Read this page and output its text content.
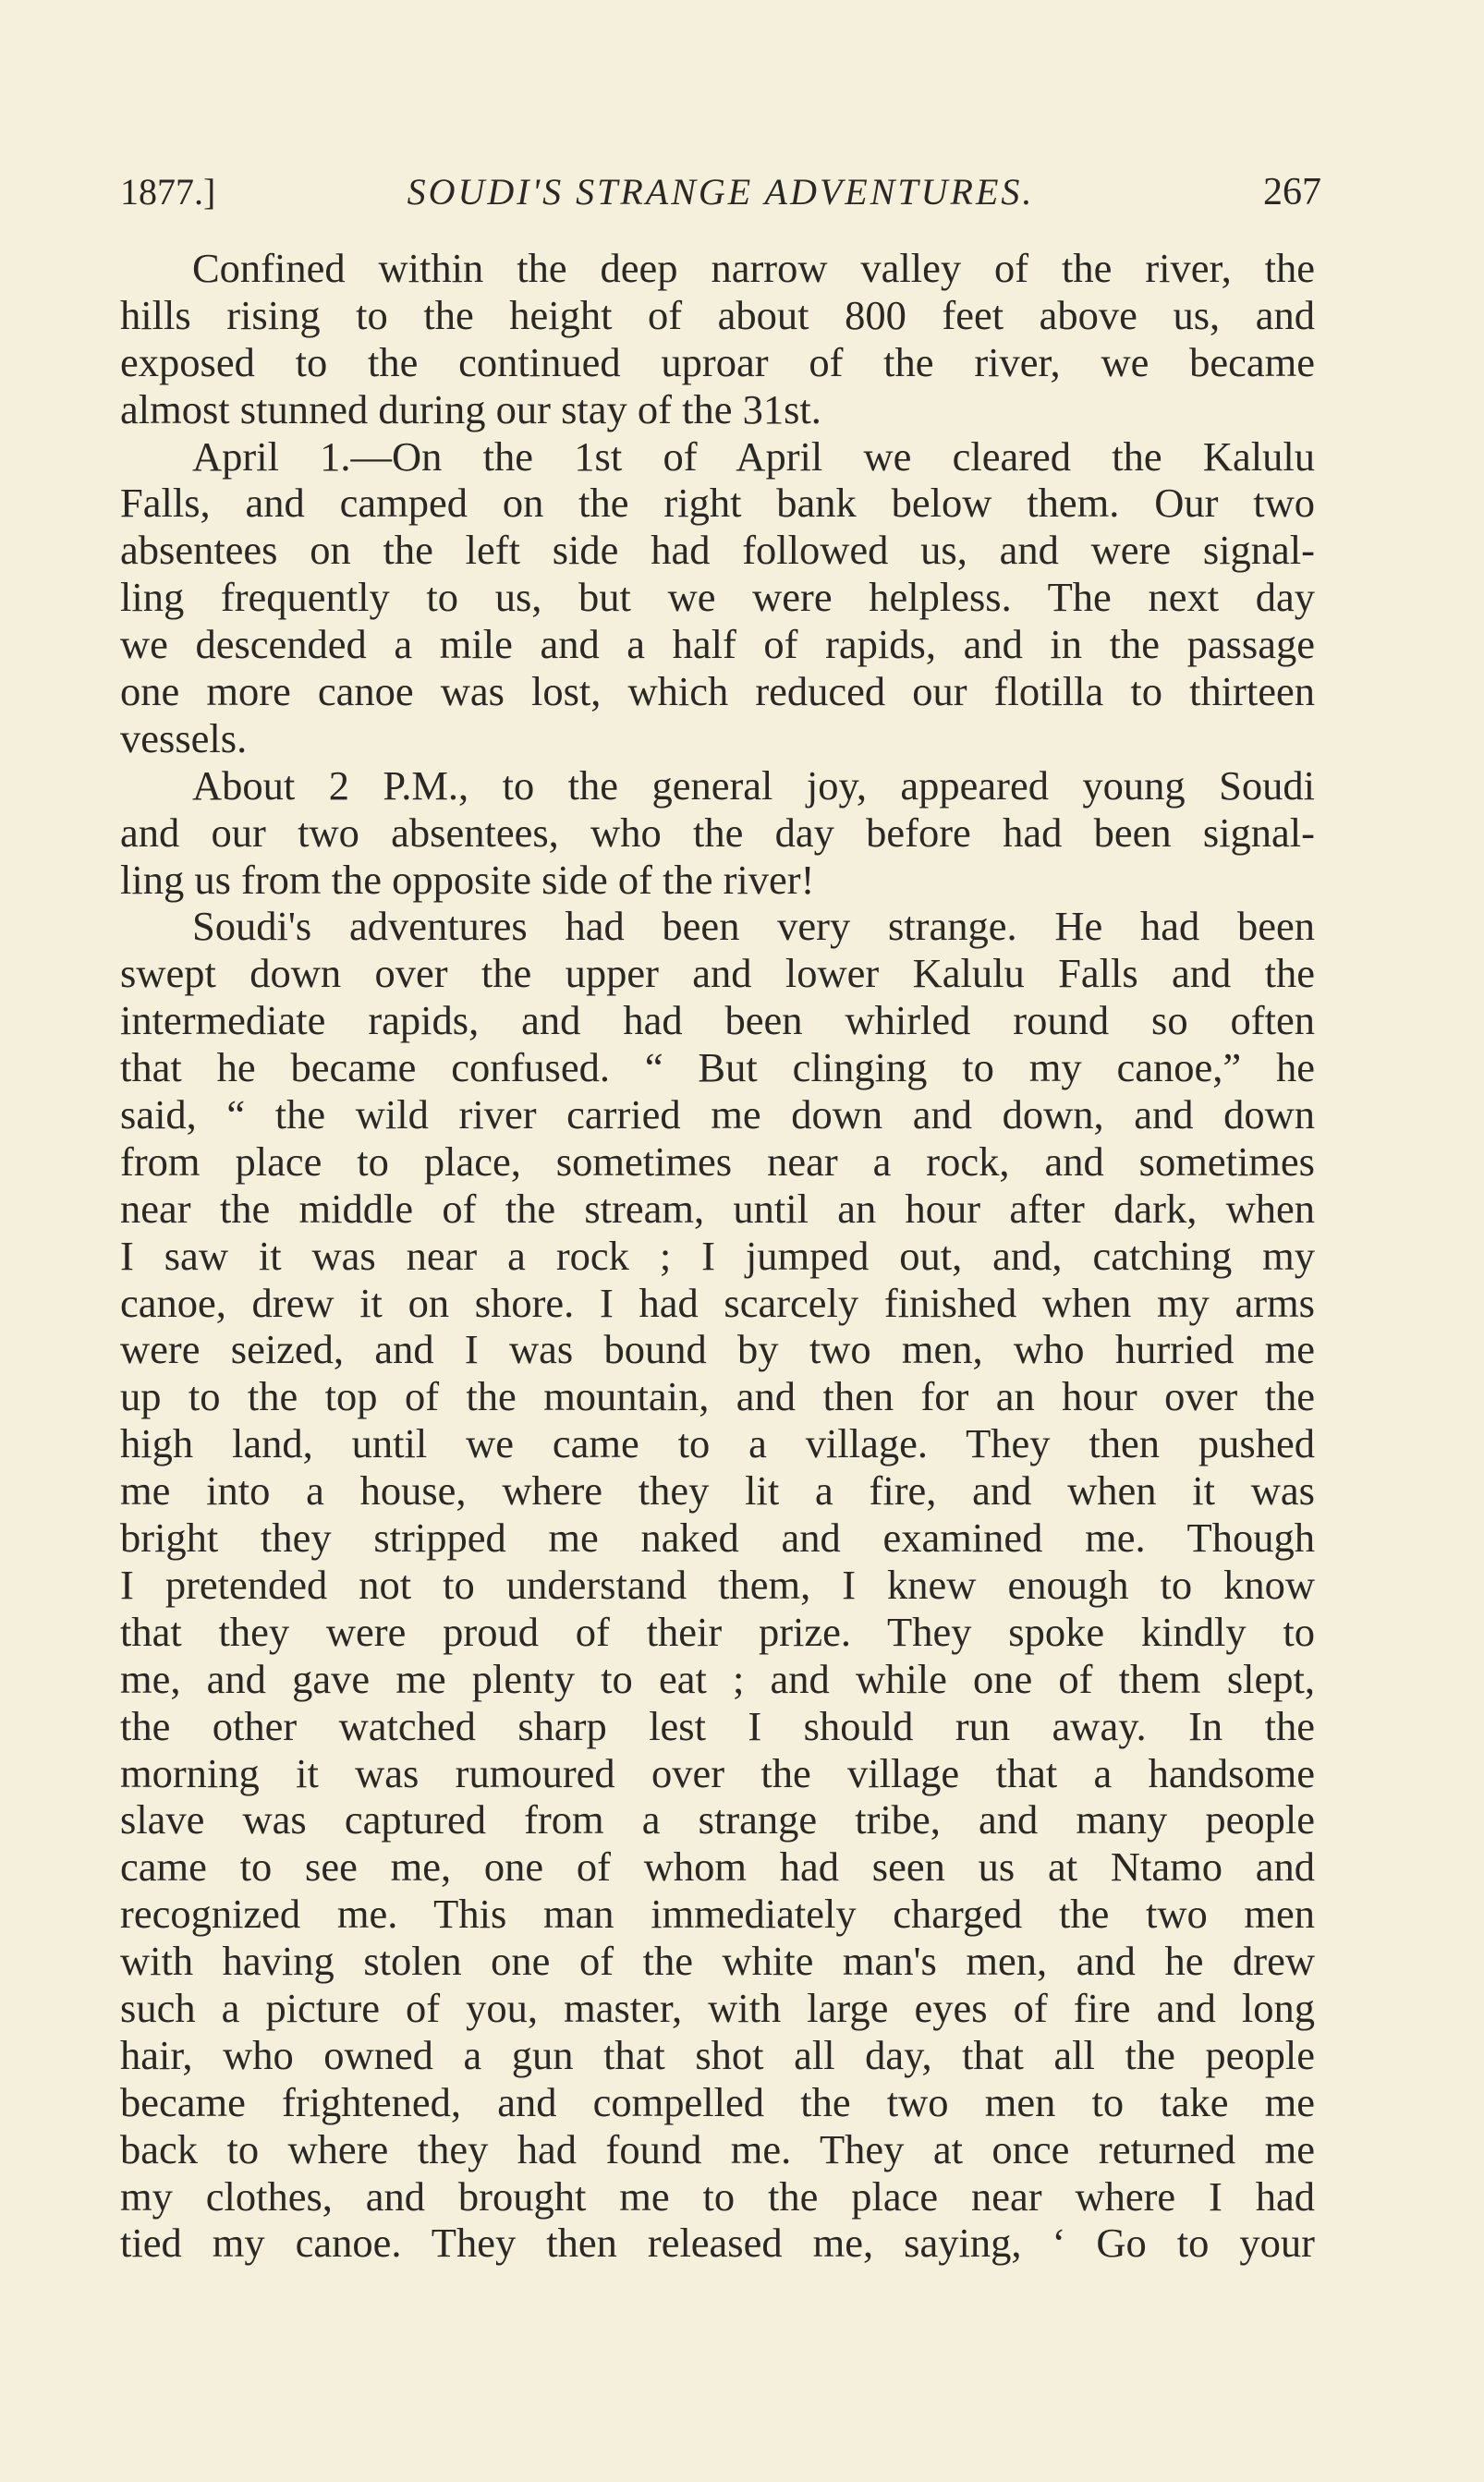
1877.]	SOUDI'S STRANGE ADVENTURES.	267
Confined within the deep narrow valley of the river, the
hills rising to the height of about 800 feet above us, and
exposed to the continued uproar of the river, we became
almost stunned during our stay of the 31st.
April 1.—On the 1st of April we cleared the Kalulu
Falls, and camped on the right bank below them. Our two
absentees on the left side had followed us, and were signal-
ling frequently to us, but we were helpless. The next day
we descended a mile and a half of rapids, and in the passage
one more canoe was lost, which reduced our flotilla to thirteen
vessels.
About 2 P.M., to the general joy, appeared young Soudi
and our two absentees, who the day before had been signal-
ling us from the opposite side of the river!
Soudi's adventures had been very strange. He had been
swept down over the upper and lower Kalulu Falls and the
intermediate rapids, and had been whirled round so often
that he became confused. “ But clinging to my canoe,” he
said, “ the wild river carried me down and down, and down
from place to place, sometimes near a rock, and sometimes
near the middle of the stream, until an hour after dark, when
I saw it was near a rock ; I jumped out, and, catching my
canoe, drew it on shore. I had scarcely finished when my arms
were seized, and I was bound by two men, who hurried me
up to the top of the mountain, and then for an hour over the
high land, until we came to a village. They then pushed
me into a house, where they lit a fire, and when it was
bright they stripped me naked and examined me. Though
I pretended not to understand them, I knew enough to know
that they were proud of their prize. They spoke kindly to
me, and gave me plenty to eat ; and while one of them slept,
the other watched sharp lest I should run away. In the
morning it was rumoured over the village that a handsome
slave was captured from a strange tribe, and many people
came to see me, one of whom had seen us at Ntamo and
recognized me. This man immediately charged the two men
with having stolen one of the white man's men, and he drew
such a picture of you, master, with large eyes of fire and long
hair, who owned a gun that shot all day, that all the people
became frightened, and compelled the two men to take me
back to where they had found me. They at once returned me
my clothes, and brought me to the place near where I had
tied my canoe. They then released me, saying, ‘ Go to your
